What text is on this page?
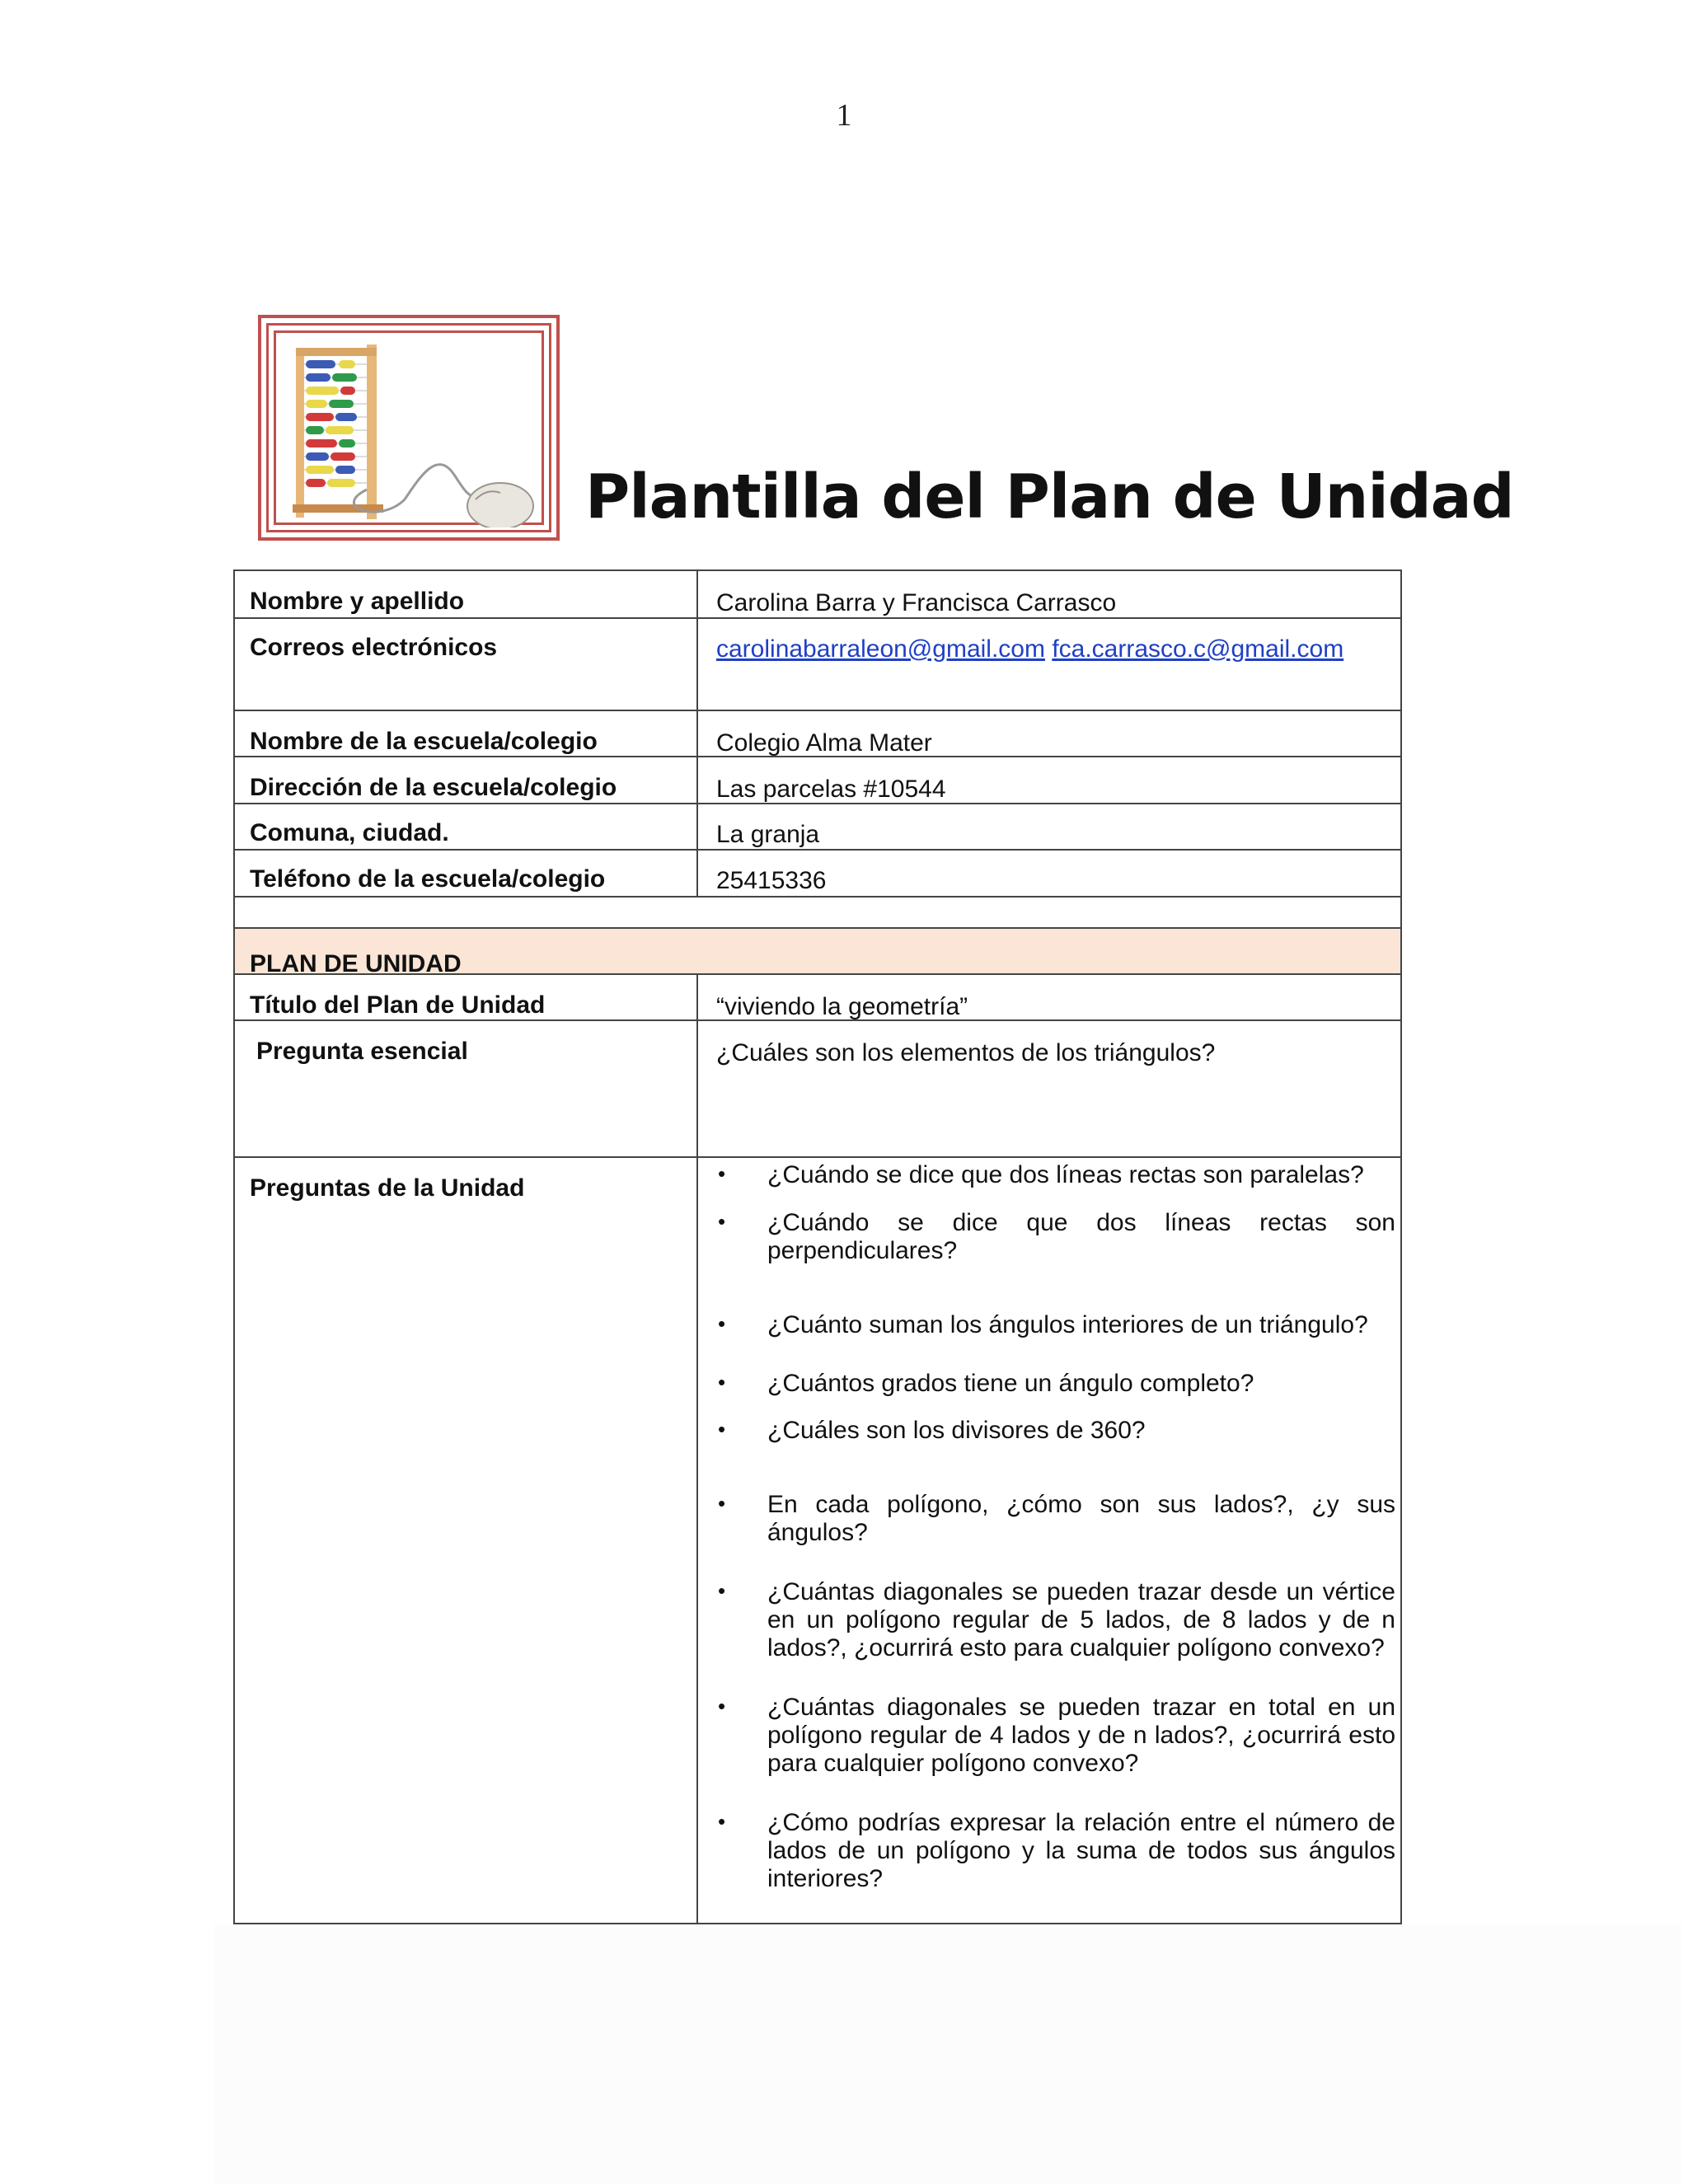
1
Plantilla del Plan de Unidad
Nombre y apellido	Carolina Barra y Francisca Carrasco
Correos electrónicos	carolinabarraleon@gmail.com fca.carrasco.c@gmail.com
Nombre de la escuela/colegio	Colegio Alma Mater
Dirección de la escuela/colegio	Las parcelas #10544
Comuna, ciudad.	La granja
Teléfono de la escuela/colegio	25415336
PLAN DE UNIDAD
Título del Plan de Unidad	“viviendo la geometría”
Pregunta esencial	¿Cuáles son los elementos de los triángulos?
Preguntas de la Unidad
• ¿Cuándo se dice que dos líneas rectas son paralelas?
• ¿Cuándo se dice que dos líneas rectas son perpendiculares?
• ¿Cuánto suman los ángulos interiores de un triángulo?
• ¿Cuántos grados tiene un ángulo completo?
• ¿Cuáles son los divisores de 360?
• En cada polígono, ¿cómo son sus lados?, ¿y sus ángulos?
• ¿Cuántas diagonales se pueden trazar desde un vértice en un polígono regular de 5 lados, de 8 lados y de n lados?, ¿ocurrirá esto para cualquier polígono convexo?
• ¿Cuántas diagonales se pueden trazar en total en un polígono regular de 4 lados y de n lados?, ¿ocurrirá esto para cualquier polígono convexo?
• ¿Cómo podrías expresar la relación entre el número de lados de un polígono y la suma de todos sus ángulos interiores?
